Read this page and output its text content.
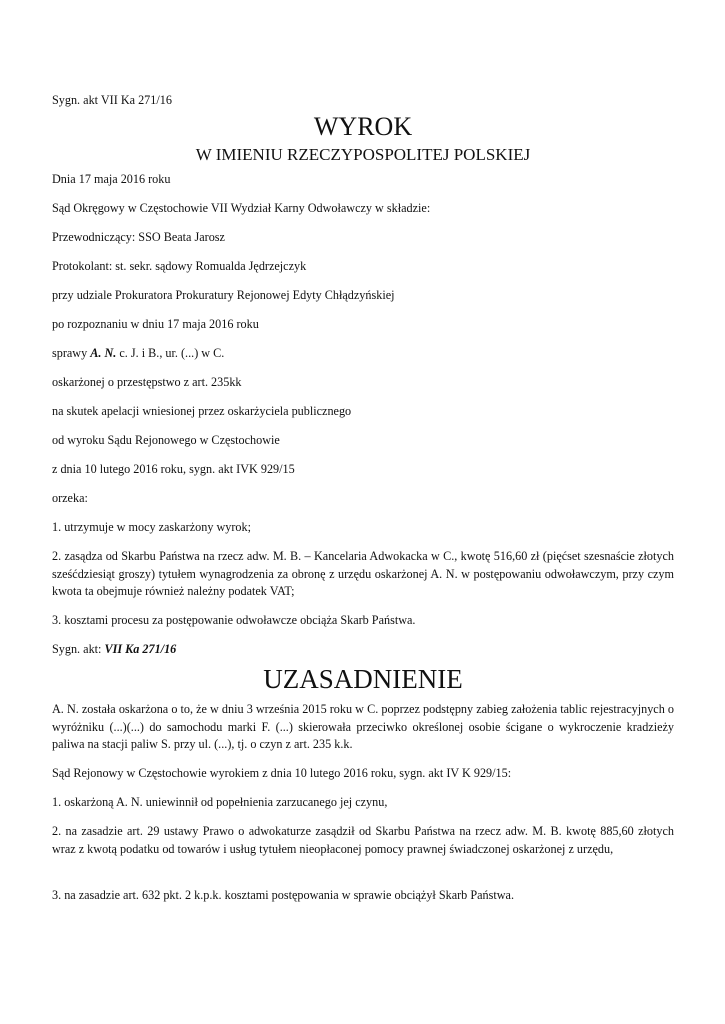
Sygn. akt VII Ka 271/16

WYROK
W IMIENIU RZECZYPOSPOLITEJ POLSKIEJ

Dnia 17 maja 2016 roku

Sąd Okręgowy w Częstochowie VII Wydział Karny Odwoławczy w składzie:

Przewodniczący: SSO Beata Jarosz

Protokolant: st. sekr. sądowy Romualda Jędrzejczyk

przy udziale Prokuratora Prokuratury Rejonowej Edyty Chłądzyńskiej

po rozpoznaniu w dniu 17 maja 2016 roku

sprawy A. N. c. J. i B., ur. (...) w C.

oskarżonej o przestępstwo z art. 235kk

na skutek apelacji wniesionej przez oskarżyciela publicznego

od wyroku Sądu Rejonowego w Częstochowie

z dnia 10 lutego 2016 roku, sygn. akt IVK 929/15

orzeka:

1. utrzymuje w mocy zaskarżony wyrok;

2. zasądza od Skarbu Państwa na rzecz adw. M. B. – Kancelaria Adwokacka w C., kwotę 516,60 zł (pięćset szesnaście złotych sześćdziesiąt groszy) tytułem wynagrodzenia za obronę z urzędu oskarżonej A. N. w postępowaniu odwoławczym, przy czym kwota ta obejmuje również należny podatek VAT;

3. kosztami procesu za postępowanie odwoławcze obciąża Skarb Państwa.

Sygn. akt: VII Ka 271/16

UZASADNIENIE

A. N. została oskarżona o to, że w dniu 3 września 2015 roku w C. poprzez podstępny zabieg założenia tablic rejestracyjnych o wyróżniku (...)(...) do samochodu marki F. (...) skierowała przeciwko określonej osobie ścigane o wykroczenie kradzieży paliwa na stacji paliw S. przy ul. (...), tj. o czyn z art. 235 k.k.

Sąd Rejonowy w Częstochowie wyrokiem z dnia 10 lutego 2016 roku, sygn. akt IV K 929/15:

1. oskarżoną A. N. uniewinnił od popełnienia zarzucanego jej czynu,

2. na zasadzie art. 29 ustawy Prawo o adwokaturze zasądził od Skarbu Państwa na rzecz adw. M. B. kwotę 885,60 złotych wraz z kwotą podatku od towarów i usług tytułem nieopłaconej pomocy prawnej świadczonej oskarżonej z urzędu,

3. na zasadzie art. 632 pkt. 2 k.p.k. kosztami postępowania w sprawie obciążył Skarb Państwa.
